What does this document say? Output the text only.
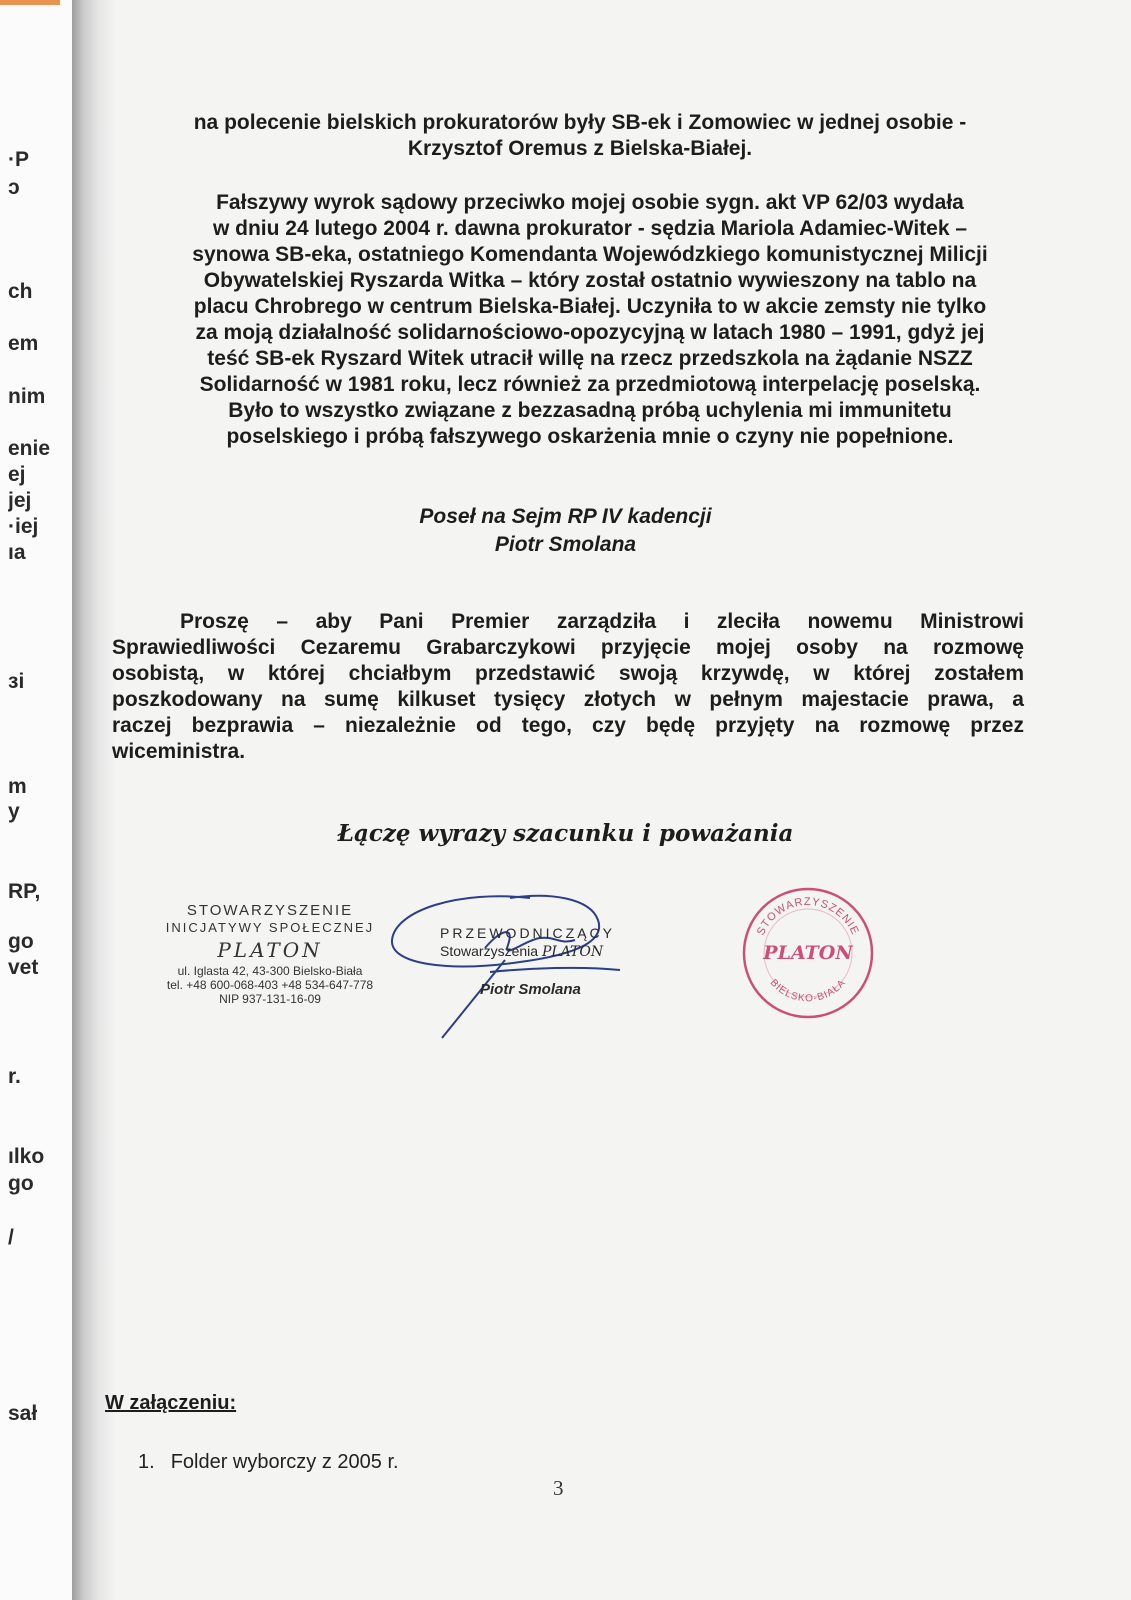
·P
ɔ
ch
em
nim
enie
ej
jej
·iej
ıa
ɜi
m
y
RP,
go
vet
r.
ılko
go
/
sał
na polecenie bielskich prokuratorów były SB-ek i Zomowiec w jednej osobie -
Krzysztof Oremus z Bielska-Białej.
Fałszywy wyrok sądowy przeciwko mojej osobie sygn. akt VP 62/03 wydała
w dniu 24 lutego 2004 r. dawna prokurator - sędzia Mariola Adamiec-Witek –
synowa SB-eka, ostatniego Komendanta Wojewódzkiego komunistycznej Milicji
Obywatelskiej Ryszarda Witka – który został ostatnio wywieszony na tablo na
placu Chrobrego w centrum Bielska-Białej. Uczyniła to w akcie zemsty nie tylko
za moją działalność solidarnościowo-opozycyjną w latach 1980 – 1991, gdyż jej
teść SB-ek Ryszard Witek utracił willę na rzecz przedszkola na żądanie NSZZ
Solidarność w 1981 roku, lecz również za przedmiotową interpelację poselską.
Było to wszystko związane z bezzasadną próbą uchylenia mi immunitetu
poselskiego i próbą fałszywego oskarżenia mnie o czyny nie popełnione.
Poseł na Sejm RP IV kadencji
Piotr Smolana
Proszę – aby Pani Premier zarządziła i zleciła nowemu Ministrowi
Sprawiedliwości Cezaremu Grabarczykowi przyjęcie mojej osoby na rozmowę
osobistą, w której chciałbym przedstawić swoją krzywdę, w której zostałem
poszkodowany na sumę kilkuset tysięcy złotych w pełnym majestacie prawa, a
raczej bezprawia – niezależnie od tego, czy będę przyjęty na rozmowę przez
wiceministra.
Łączę wyrazy szacunku i poważania
STOWARZYSZENIE
INICJATYWY SPOŁECZNEJ
PLATON
ul. Iglasta 42, 43-300 Bielsko-Biała
tel. +48 600-068-403 +48 534-647-778
NIP 937-131-16-09
PRZEWODNICZĄCY
Stowarzyszenia PLATON
Piotr Smolana
STOWARZYSZENIE
PLATON
BIELSKO-BIAŁA
W załączeniu:
1. Folder wyborczy z 2005 r.
3
